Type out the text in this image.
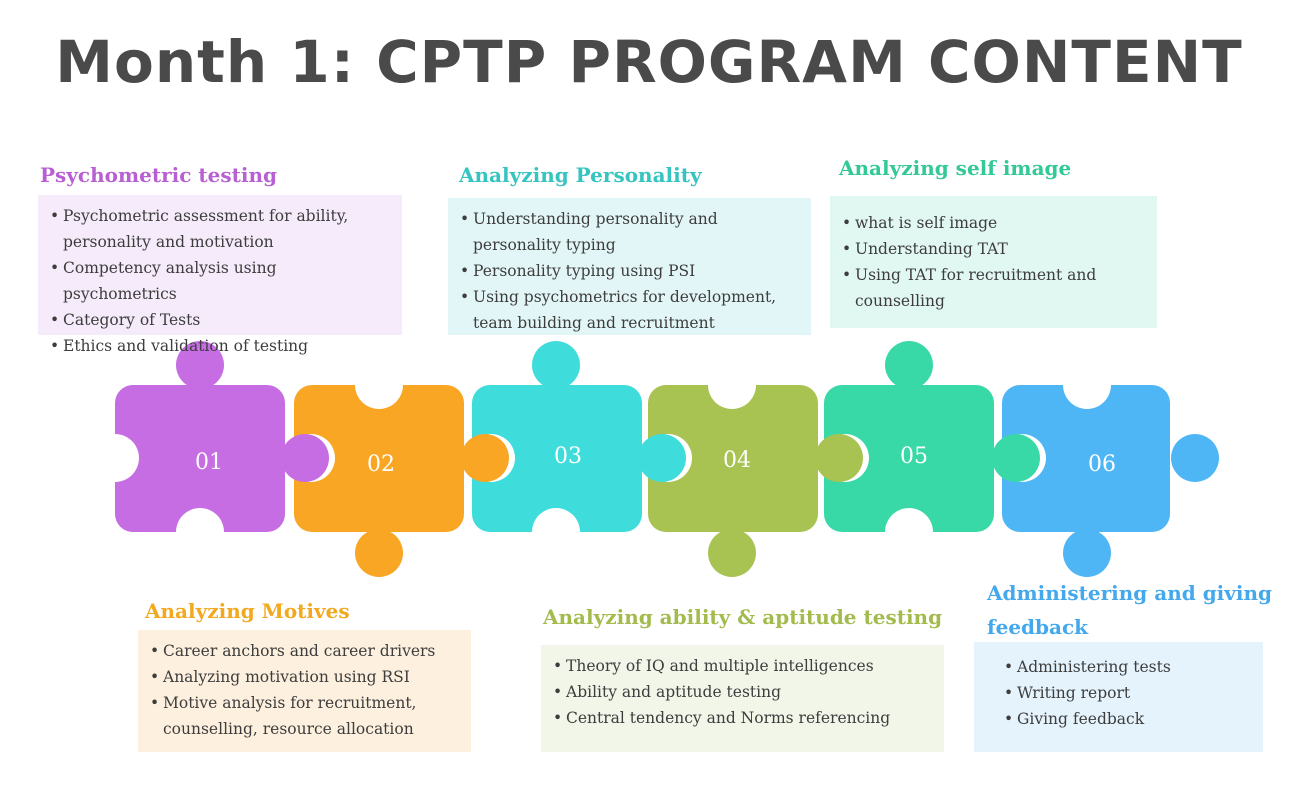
Month 1: CPTP PROGRAM CONTENT
01	02	03	04	05	06
Psychometric testing
• Psychometric assessment for ability,
personality and motivation
• Competency analysis using psychometrics
• Category of Tests
• Ethics and validation of testing
Analyzing Motives
• Career anchors and career drivers
• Analyzing motivation using RSI
• Motive analysis for recruitment,
counselling, resource allocation
Analyzing Personality
• Understanding personality and
personality typing
• Personality typing using PSI
• Using psychometrics for development,
team building and recruitment
Analyzing ability & aptitude testing
• Theory of IQ and multiple intelligences
• Ability and aptitude testing
• Central tendency and Norms referencing
Analyzing self image
• what is self image
• Understanding TAT
• Using TAT for recruitment and
counselling
Administering and giving
feedback
• Administering tests
• Writing report
• Giving feedback
